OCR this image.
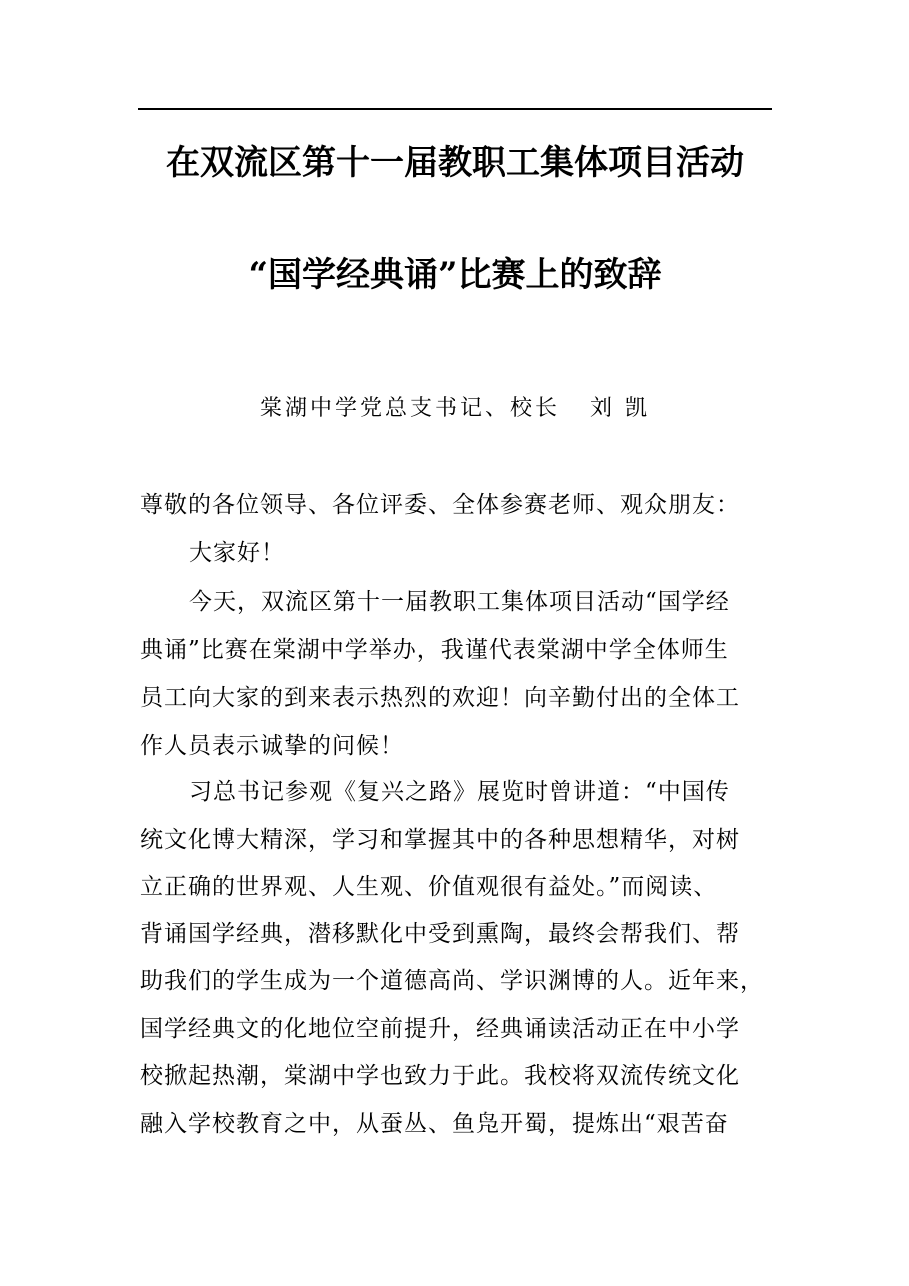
在双流区第十一届教职工集体项目活动
“国学经典诵”比赛上的致辞
棠湖中学党总支书记、校长   刘 凯
尊敬的各位领导、各位评委、全体参赛老师、观众朋友：
大家好！
今天，双流区第十一届教职工集体项目活动“国学经
典诵”比赛在棠湖中学举办，我谨代表棠湖中学全体师生
员工向大家的到来表示热烈的欢迎！向辛勤付出的全体工
作人员表示诚挚的问候！
习总书记参观《复兴之路》展览时曾讲道：“中国传
统文化博大精深，学习和掌握其中的各种思想精华，对树
立正确的世界观、人生观、价值观很有益处。”而阅读、
背诵国学经典，潜移默化中受到熏陶，最终会帮我们、帮
助我们的学生成为一个道德高尚、学识渊博的人。近年来，
国学经典文的化地位空前提升，经典诵读活动正在中小学
校掀起热潮，棠湖中学也致力于此。我校将双流传统文化
融入学校教育之中，从蚕丛、鱼凫开蜀，提炼出“艰苦奋
